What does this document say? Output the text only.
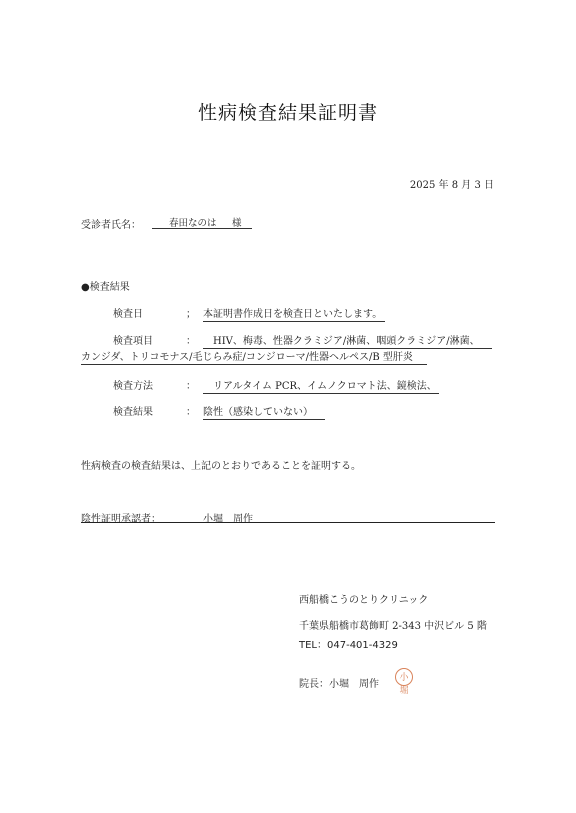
性病検査結果証明書
2025 年 8 月 3 日
受診者氏名：	春田なのは 様
●検査結果
検査日	； 本証明書作成日を検査日といたします。
検査項目	：	HIV、梅毒、性器クラミジア/淋菌、咽頭クラミジア/淋菌、
カンジダ、トリコモナス/毛じらみ症/コンジローマ/性器ヘルペス/B 型肝炎
検査方法	：	リアルタイム PCR、イムノクロマト法、鏡検法、
検査結果	： 陰性（感染していない）
性病検査の検査結果は、上記のとおりであることを証明する。
陰性証明承認者：	小堀　周作
西船橋こうのとりクリニック
千葉県船橋市葛飾町 2-343 中沢ビル 5 階
TEL：047-401-4329
院長：小堀　周作
小堀
